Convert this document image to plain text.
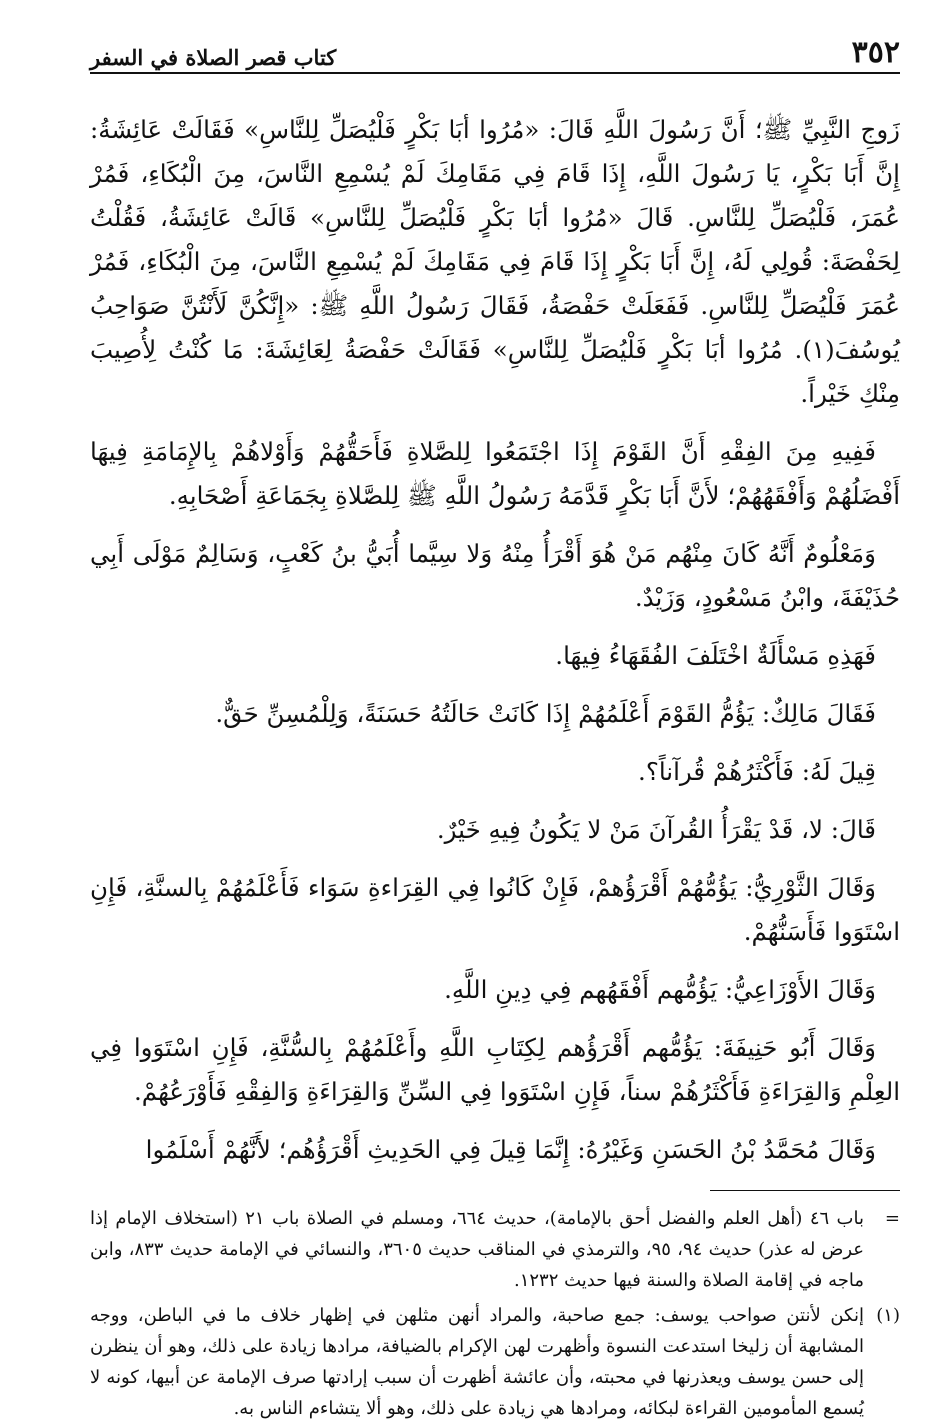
٣٥٢
كتاب قصر الصلاة في السفر

زَوجِ النَّبِيِّ ﷺ؛ أَنَّ رَسُولَ اللَّهِ قَالَ: «مُرُوا أبَا بَكْرٍ فَلْيُصَلِّ لِلنَّاسِ» فَقَالَتْ عَائِشَةُ: إِنَّ أَبَا بَكْرٍ، يَا رَسُولَ اللَّهِ، إِذَا قَامَ فِي مَقَامِكَ لَمْ يُسْمِعِ النَّاسَ، مِنَ الْبُكَاءِ، فَمُرْ عُمَرَ، فَلْيُصَلِّ لِلنَّاسِ. قَالَ «مُرُوا أبَا بَكْرٍ فَلْيُصَلِّ لِلنَّاسِ» قَالَتْ عَائِشَةُ، فَقُلْتُ لِحَفْصَةَ: قُولِي لَهُ، إِنَّ أَبَا بَكْرٍ إِذَا قَامَ فِي مَقَامِكَ لَمْ يُسْمِعِ النَّاسَ، مِنَ الْبُكَاءِ، فَمُرْ عُمَرَ فَلْيُصَلِّ لِلنَّاسِ. فَفَعَلَتْ حَفْصَةُ، فَقَالَ رَسُولُ اللَّهِ ﷺ: «إِنَّكُنَّ لَأَنْتُنَّ صَوَاحِبُ يُوسُفَ(١). مُرُوا أبَا بَكْرٍ فَلْيُصَلِّ لِلنَّاسِ» فَقَالَتْ حَفْصَةُ لِعَائِشَةَ: مَا كُنْتُ لِأُصِيبَ مِنْكِ خَيْراً.

فَفِيهِ مِنَ الفِقْهِ أَنَّ القَوْمَ إِذَا اجْتَمَعُوا لِلصَّلاةِ فَأَحَقُّهُمْ وَأَوْلاهُمْ بِالإِمَامَةِ فِيهَا أَفْضَلُهُمْ وَأَفْقَهُهُمْ؛ لأَنَّ أَبَا بَكْرٍ قَدَّمَهُ رَسُولُ اللَّهِ ﷺ لِلصَّلاةِ بِجَمَاعَةِ أَصْحَابِهِ.

وَمَعْلُومٌ أَنَّهُ كَانَ مِنْهُم مَنْ هُوَ أَقْرَأُ مِنْهُ وَلا سِيَّما أُبَيُّ بنُ كَعْبٍ، وَسَالِمٌ مَوْلَى أَبِي حُذَيْفَةَ، وابْنُ مَسْعُودٍ، وَزَيْدٌ.

فَهَذِهِ مَسْأَلَةٌ اخْتَلَفَ الفُقَهَاءُ فِيهَا.

فَقَالَ مَالِكٌ: يَؤُمُّ القَوْمَ أَعْلَمُهُمْ إِذَا كَانَتْ حَالَتُهُ حَسَنَةً، وَلِلْمُسِنِّ حَقٌّ.

قِيلَ لَهُ: فَأَكْثَرُهُمْ قُرآناً؟.

قَالَ: لا، قَدْ يَقْرَأُ القُرآنَ مَنْ لا يَكُونُ فِيهِ خَيْرٌ.

وَقَالَ الثَّوْرِيُّ: يَؤُمُّهُمْ أَقْرَؤُهمْ، فَإِنْ كَانُوا فِي القِرَاءةِ سَوَاء فَأَعْلَمُهُمْ بِالسنَّةِ، فَإِنِ اسْتَوَوا فَأَسَنُّهُمْ.

وَقَالَ الأَوْزَاعِيُّ: يَؤُمُّهم أَفْقَهُهم فِي دِينِ اللَّهِ.

وَقَالَ أَبُو حَنِيفَةَ: يَؤُمُّهم أَقْرَؤُهم لِكِتَابِ اللَّهِ وأَعْلَمُهُمْ بِالسُّنَّةِ، فَإِنِ اسْتَوَوا فِي العِلْمِ وَالقِرَاءَةِ فَأَكْثَرُهُمْ سناً، فَإِنِ اسْتَوَوا فِي السِّنِّ وَالقِرَاءَةِ وَالفِقْهِ فَأَوْرَعُهُمْ.

وَقَالَ مُحَمَّدُ بْنُ الحَسَنِ وَغَيْرُهُ: إِنَّمَا قِيلَ فِي الحَدِيثِ أَقْرَؤُهُم؛ لأَنَّهُمْ أَسْلَمُوا

=
باب ٤٦ (أهل العلم والفضل أحق بالإمامة)، حديث ٦٦٤، ومسلم في الصلاة باب ٢١ (استخلاف الإمام إذا عرض له عذر) حديث ٩٤، ٩٥، والترمذي في المناقب حديث ٣٦٠٥، والنسائي في الإمامة حديث ٨٣٣، وابن ماجه في إقامة الصلاة والسنة فيها حديث ١٢٣٢.
(١)
إنكن لأنتن صواحب يوسف: جمع صاحبة، والمراد أنهن مثلهن في إظهار خلاف ما في الباطن، ووجه المشابهة أن زليخا استدعت النسوة وأظهرت لهن الإكرام بالضيافة، مرادها زيادة على ذلك، وهو أن ينظرن إلى حسن يوسف ويعذرنها في محبته، وأن عائشة أظهرت أن سبب إرادتها صرف الإمامة عن أبيها، كونه لا يُسمع المأمومين القراءة لبكائه، ومرادها هي زيادة على ذلك، وهو ألا يتشاءم الناس به.
